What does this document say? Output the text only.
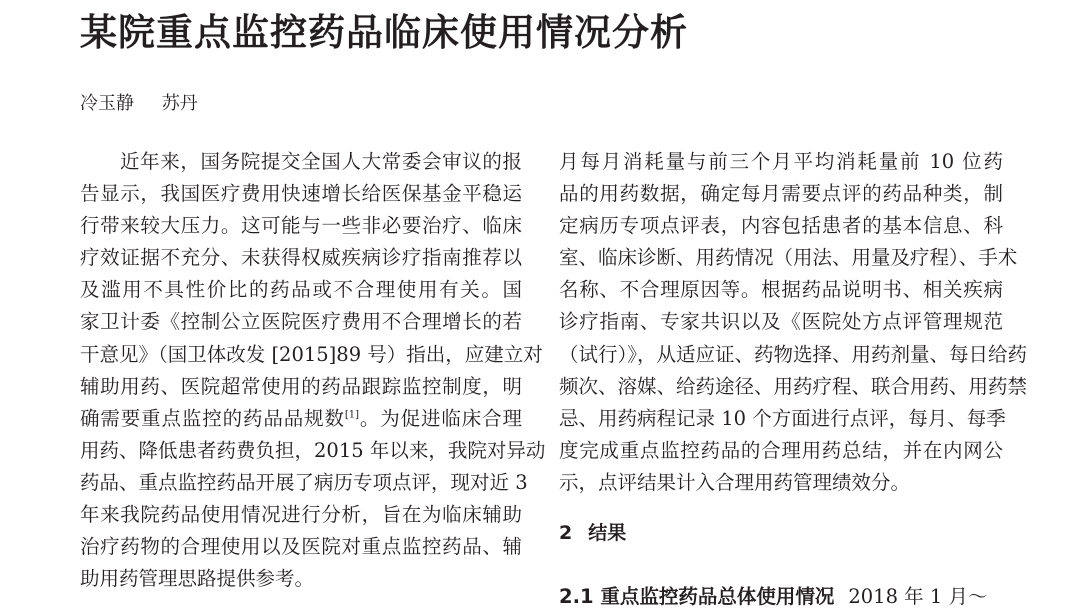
某院重点监控药品临床使用情况分析
冷玉静 苏丹
近年来，国务院提交全国人大常委会审议的报
告显示，我国医疗费用快速增长给医保基金平稳运
行带来较大压力。这可能与一些非必要治疗、临床
疗效证据不充分、未获得权威疾病诊疗指南推荐以
及滥用不具性价比的药品或不合理使用有关。国
家卫计委《控制公立医院医疗费用不合理增长的若
干意见》（国卫体改发 [2015]89 号）指出，应建立对
辅助用药、医院超常使用的药品跟踪监控制度，明
确需要重点监控的药品品规数[1]。为促进临床合理
用药、降低患者药费负担，2015 年以来，我院对异动
药品、重点监控药品开展了病历专项点评，现对近 3
年来我院药品使用情况进行分析，旨在为临床辅助
治疗药物的合理使用以及医院对重点监控药品、辅
助用药管理思路提供参考。
月每月消耗量与前三个月平均消耗量前 10 位药
品的用药数据，确定每月需要点评的药品种类，制
定病历专项点评表，内容包括患者的基本信息、科
室、临床诊断、用药情况（用法、用量及疗程）、手术
名称、不合理原因等。根据药品说明书、相关疾病
诊疗指南、专家共识以及《医院处方点评管理规范
（试行）》，从适应证、药物选择、用药剂量、每日给药
频次、溶媒、给药途径、用药疗程、联合用药、用药禁
忌、用药病程记录 10 个方面进行点评，每月、每季
度完成重点监控药品的合理用药总结，并在内网公
示，点评结果计入合理用药管理绩效分。
2 结果
2.1 重点监控药品总体使用情况 2018 年 1 月～
